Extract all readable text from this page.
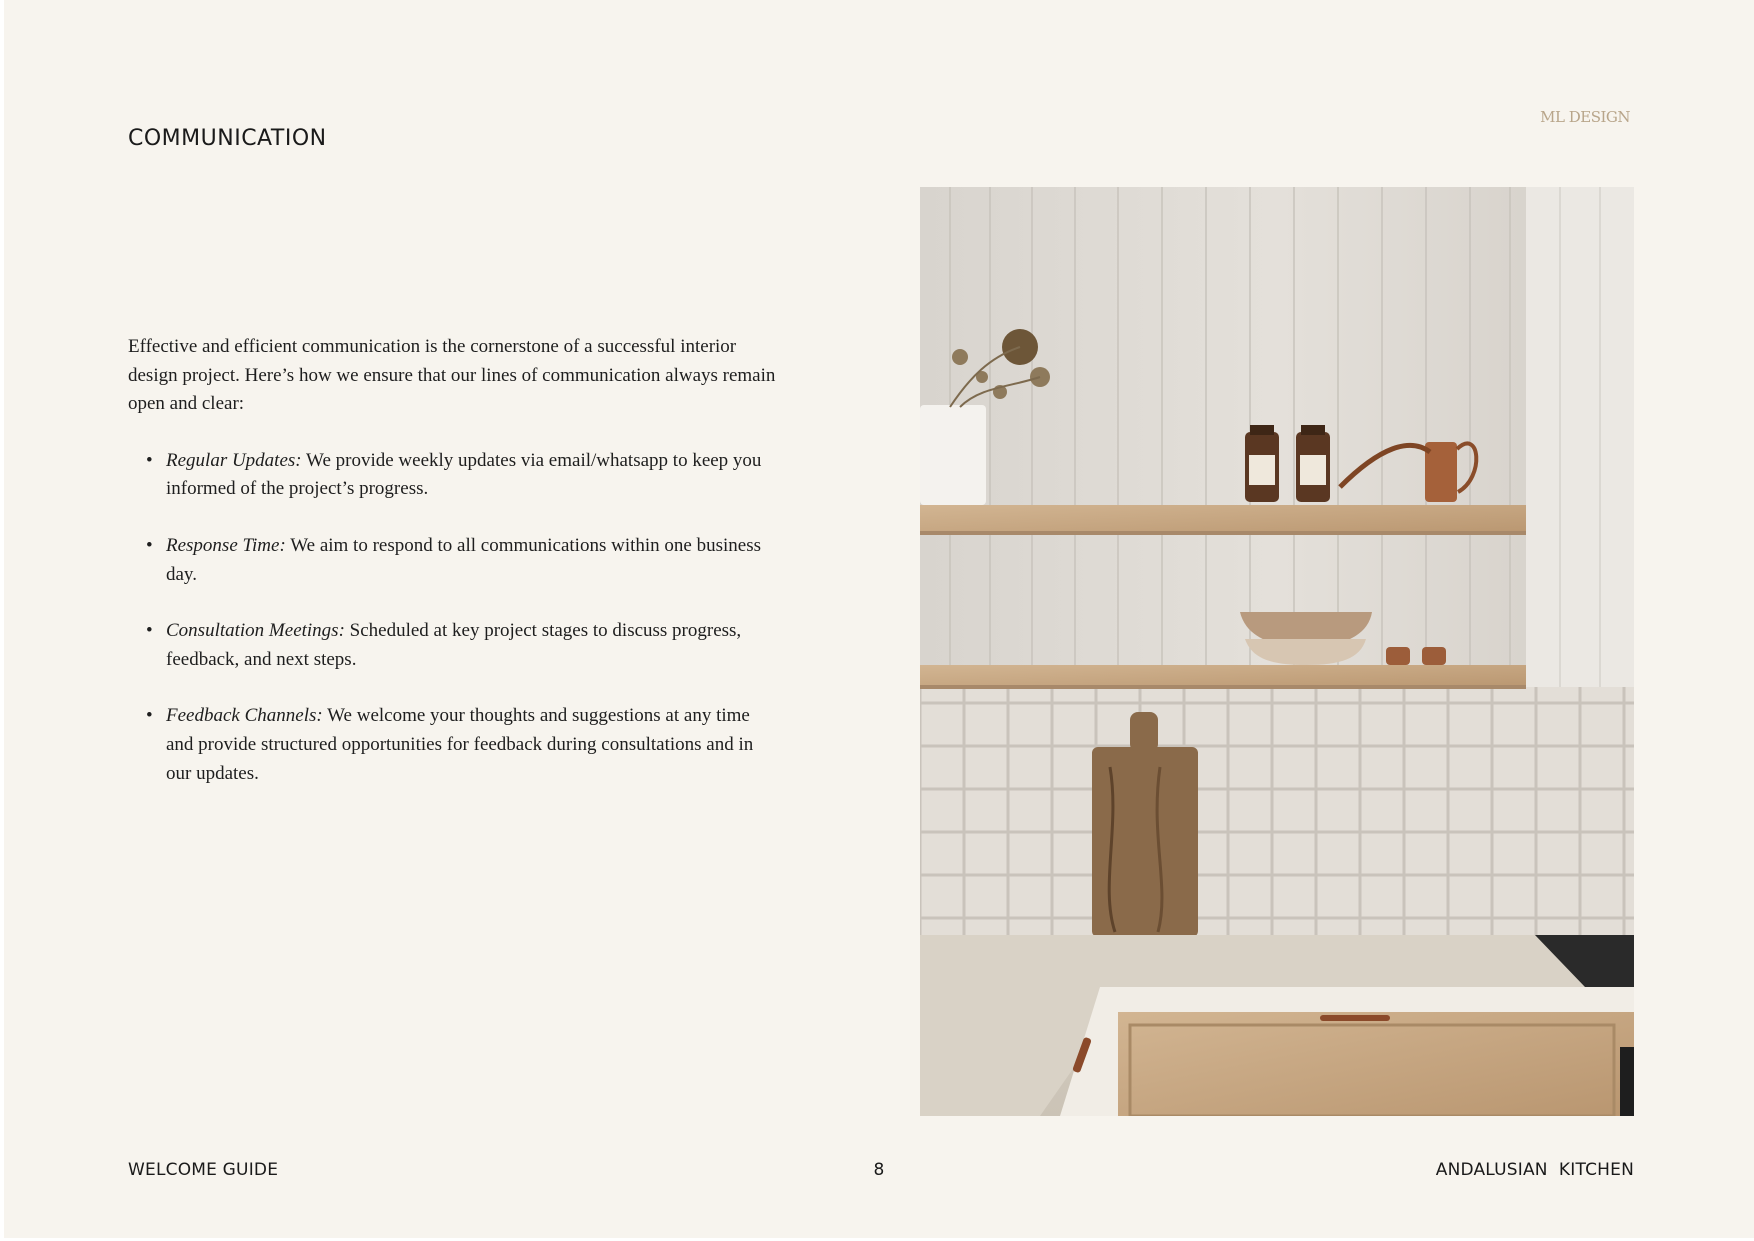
COMMUNICATION
ML DESIGN

Effective and efficient communication is the cornerstone of a successful interior design project. Here’s how we ensure that our lines of communication always remain open and clear:

• Regular Updates: We provide weekly updates via email/whatsapp to keep you informed of the project’s progress.
• Response Time: We aim to respond to all communications within one business day.
• Consultation Meetings: Scheduled at key project stages to discuss progress, feedback, and next steps.
• Feedback Channels: We welcome your thoughts and suggestions at any time and provide structured opportunities for feedback during consultations and in our updates.
WELCOME GUIDE	8	ANDALUSIAN  KITCHEN
